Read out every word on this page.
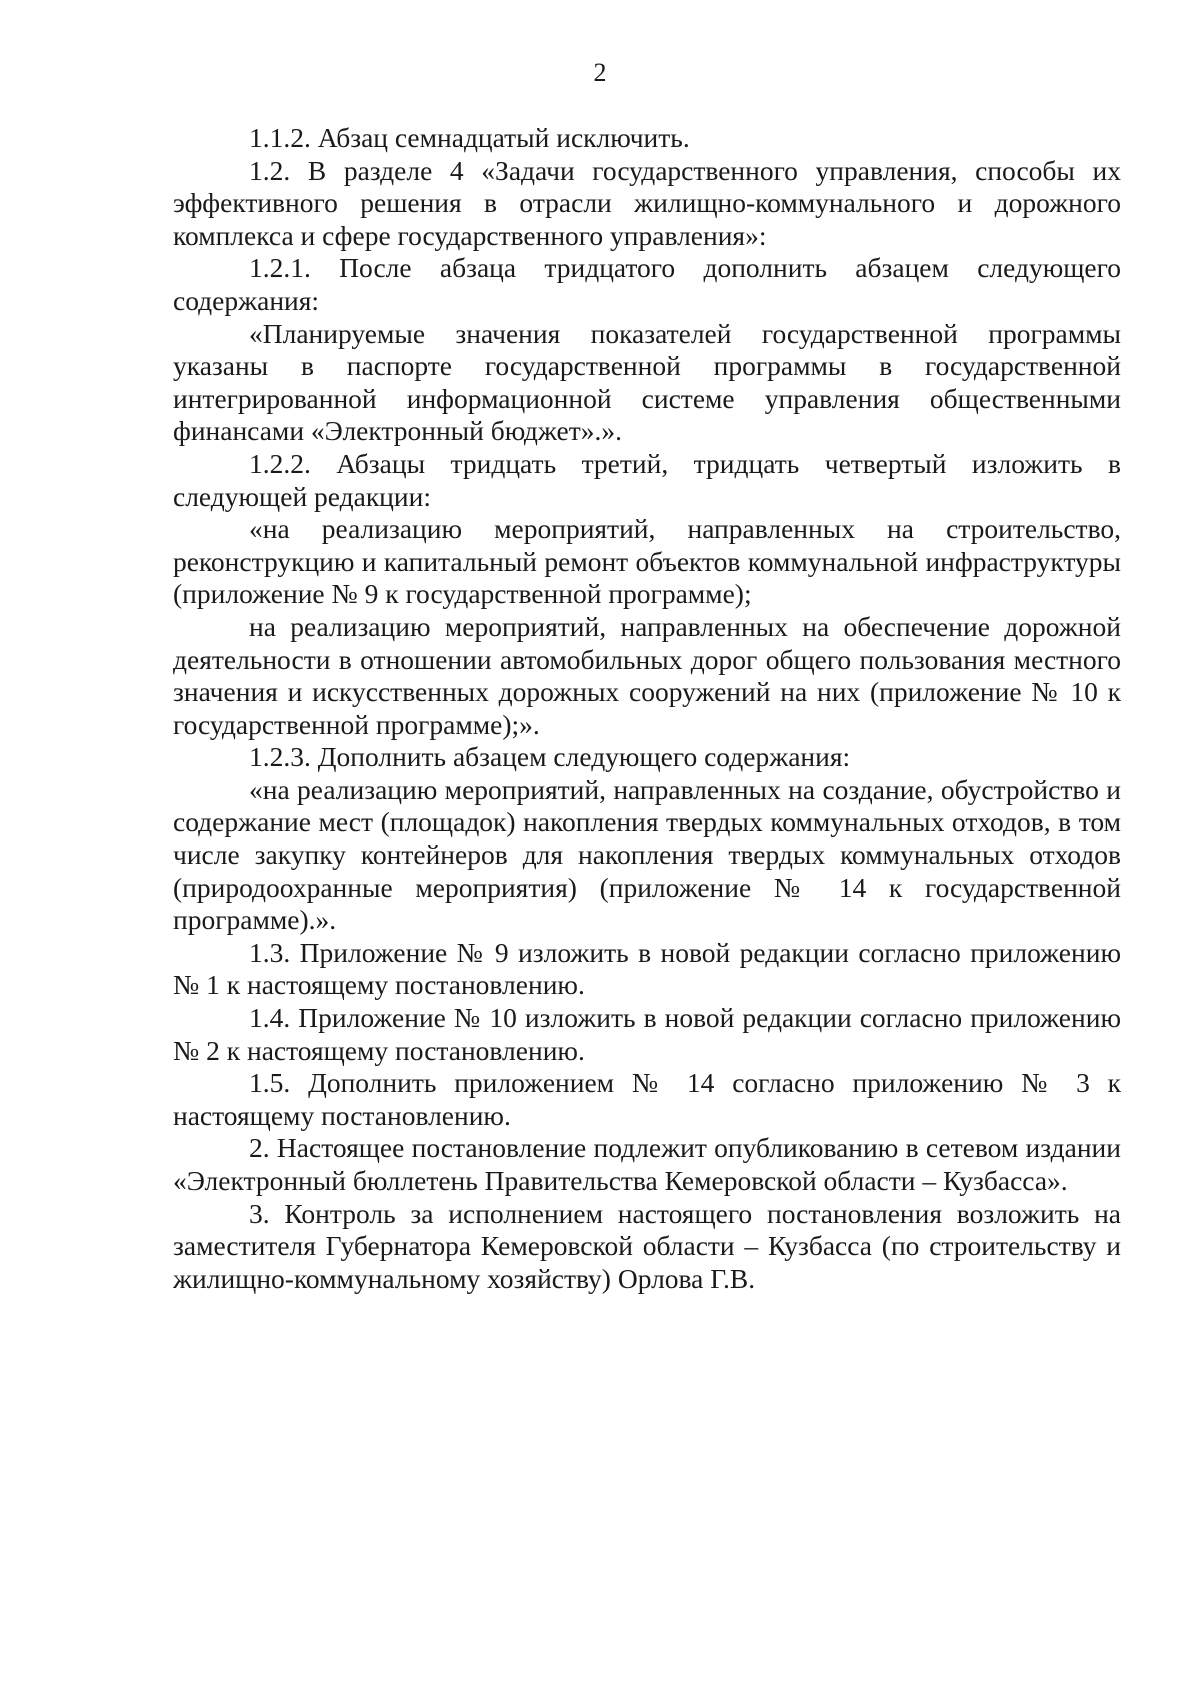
2

1.1.2. Абзац семнадцатый исключить.

1.2. В разделе 4 «Задачи государственного управления, способы их эффективного решения в отрасли жилищно-коммунального и дорожного комплекса и сфере государственного управления»:

1.2.1. После абзаца тридцатого дополнить абзацем следующего содержания:

«Планируемые значения показателей государственной программы указаны в паспорте государственной программы в государственной интегрированной информационной системе управления общественными финансами «Электронный бюджет».».

1.2.2. Абзацы тридцать третий, тридцать четвертый изложить в следующей редакции:

«на реализацию мероприятий, направленных на строительство, реконструкцию и капитальный ремонт объектов коммунальной инфраструктуры (приложение № 9 к государственной программе);

на реализацию мероприятий, направленных на обеспечение дорожной деятельности в отношении автомобильных дорог общего пользования местного значения и искусственных дорожных сооружений на них (приложение № 10 к государственной программе);».

1.2.3. Дополнить абзацем следующего содержания:

«на реализацию мероприятий, направленных на создание, обустройство и содержание мест (площадок) накопления твердых коммунальных отходов, в том числе закупку контейнеров для накопления твердых коммунальных отходов (природоохранные мероприятия) (приложение № 14 к государственной программе).».

1.3. Приложение № 9 изложить в новой редакции согласно приложению № 1 к настоящему постановлению.

1.4. Приложение № 10 изложить в новой редакции согласно приложению № 2 к настоящему постановлению.

1.5. Дополнить приложением № 14 согласно приложению № 3 к настоящему постановлению.

2. Настоящее постановление подлежит опубликованию в сетевом издании «Электронный бюллетень Правительства Кемеровской области – Кузбасса».

3. Контроль за исполнением настоящего постановления возложить на заместителя Губернатора Кемеровской области – Кузбасса (по строительству и жилищно-коммунальному хозяйству) Орлова Г.В.
